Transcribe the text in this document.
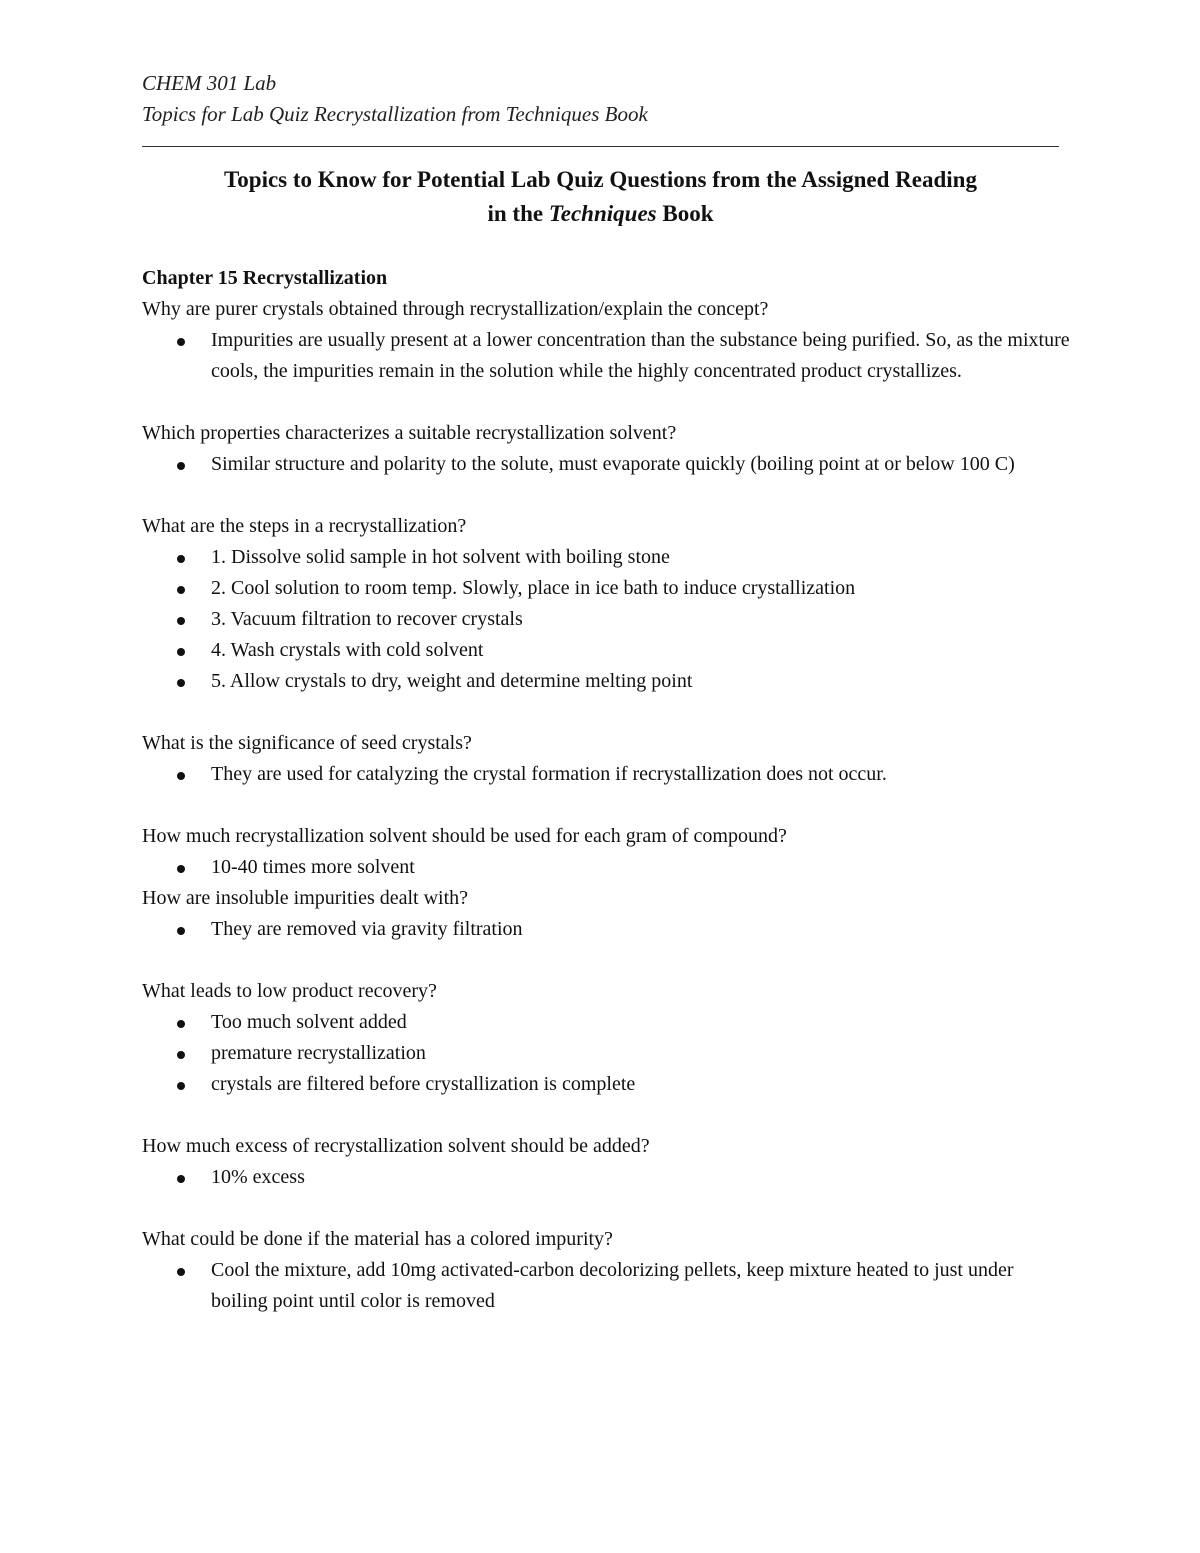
CHEM 301 Lab
Topics for Lab Quiz Recrystallization from Techniques Book
Topics to Know for Potential Lab Quiz Questions from the Assigned Reading
in the Techniques Book

Chapter 15 Recrystallization

Why are purer crystals obtained through recrystallization/explain the concept?

Impurities are usually present at a lower concentration than the substance being purified. So, as the mixture cools, the impurities remain in the solution while the highly concentrated product crystallizes.

Which properties characterizes a suitable recrystallization solvent?

Similar structure and polarity to the solute, must evaporate quickly (boiling point at or below 100 C)

What are the steps in a recrystallization?

1. Dissolve solid sample in hot solvent with boiling stone
2. Cool solution to room temp. Slowly, place in ice bath to induce crystallization
3. Vacuum filtration to recover crystals
4. Wash crystals with cold solvent
5. Allow crystals to dry, weight and determine melting point

What is the significance of seed crystals?

They are used for catalyzing the crystal formation if recrystallization does not occur.

How much recrystallization solvent should be used for each gram of compound?

10-40 times more solvent

How are insoluble impurities dealt with?

They are removed via gravity filtration

What leads to low product recovery?

Too much solvent added
premature recrystallization
crystals are filtered before crystallization is complete

How much excess of recrystallization solvent should be added?

10% excess

What could be done if the material has a colored impurity?

Cool the mixture, add 10mg activated-carbon decolorizing pellets, keep mixture heated to just under boiling point until color is removed
